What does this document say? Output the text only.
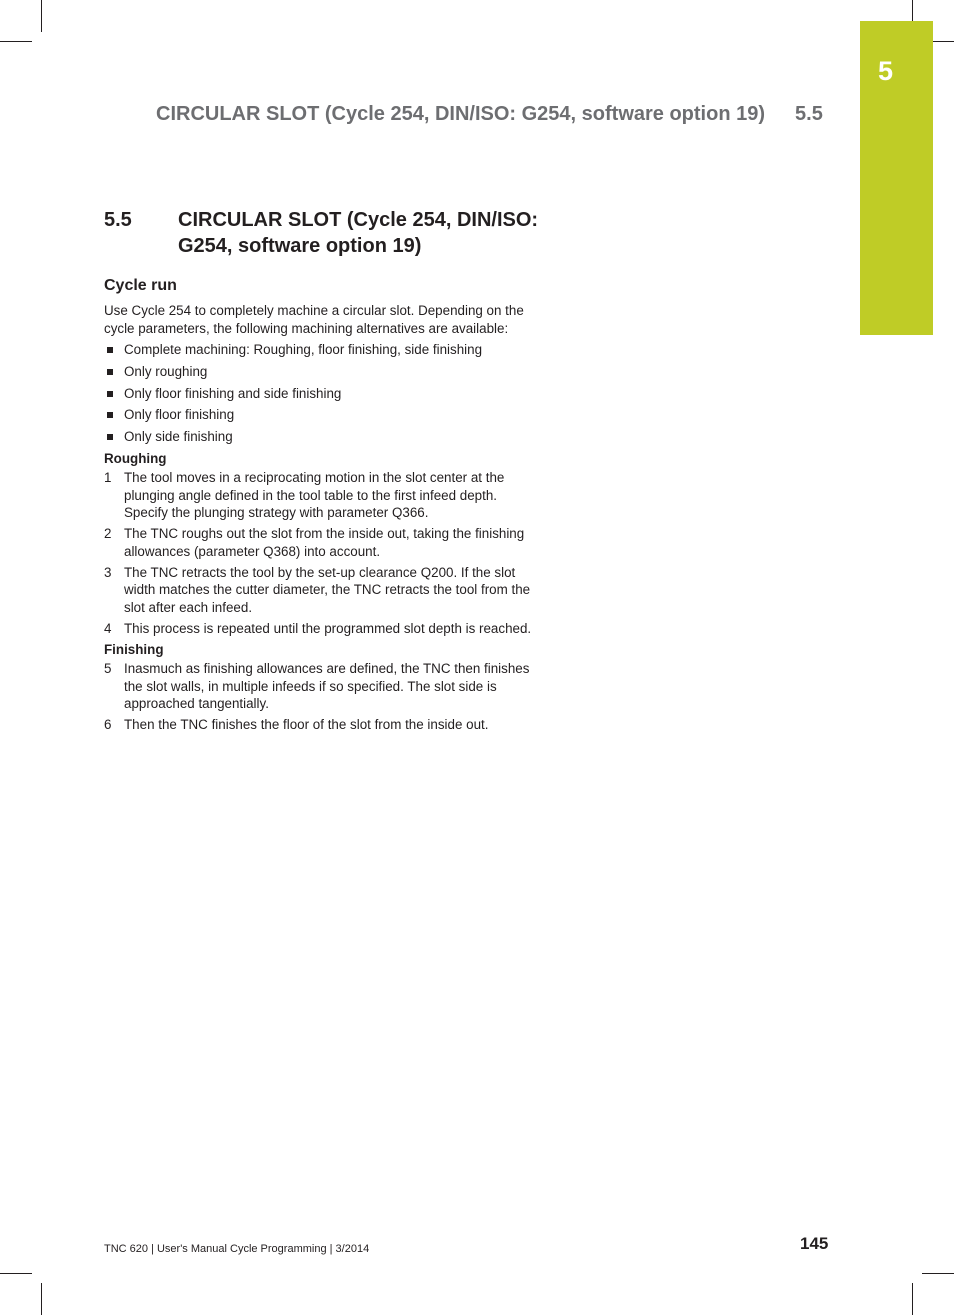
5
CIRCULAR SLOT (Cycle 254, DIN/ISO: G254, software option 19) 5.5
5.5 CIRCULAR SLOT (Cycle 254, DIN/ISO: G254, software option 19)
Cycle run

Use Cycle 254 to completely machine a circular slot. Depending on the cycle parameters, the following machining alternatives are available:

Complete machining: Roughing, floor finishing, side finishing
Only roughing
Only floor finishing and side finishing
Only floor finishing
Only side finishing
Roughing
1 The tool moves in a reciprocating motion in the slot center at the plunging angle defined in the tool table to the first infeed depth. Specify the plunging strategy with parameter Q366.
2 The TNC roughs out the slot from the inside out, taking the finishing allowances (parameter Q368) into account.
3 The TNC retracts the tool by the set-up clearance Q200. If the slot width matches the cutter diameter, the TNC retracts the tool from the slot after each infeed.
4 This process is repeated until the programmed slot depth is reached.
Finishing
5 Inasmuch as finishing allowances are defined, the TNC then finishes the slot walls, in multiple infeeds if so specified. The slot side is approached tangentially.
6 Then the TNC finishes the floor of the slot from the inside out.
TNC 620 | User's Manual Cycle Programming | 3/2014	145
